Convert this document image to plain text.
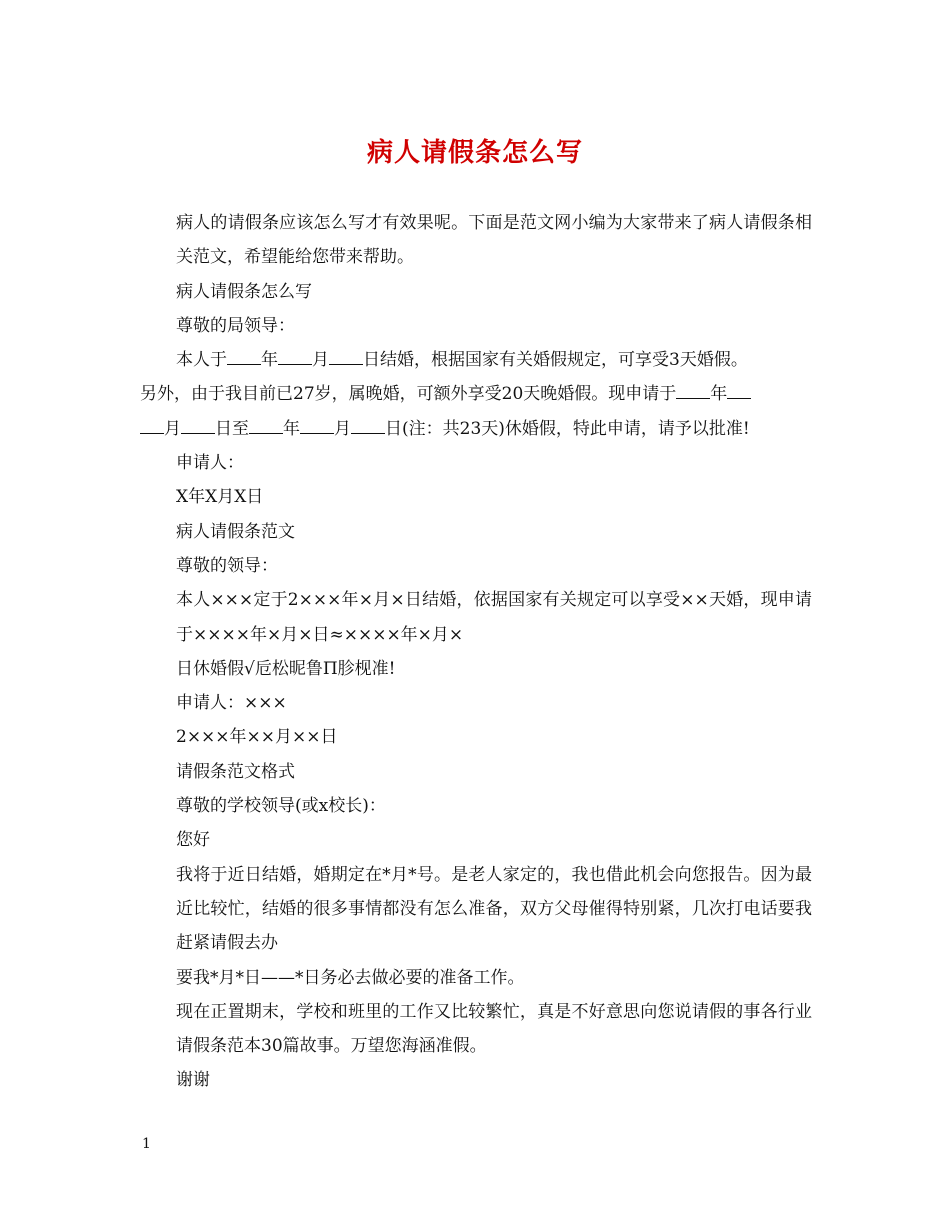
病人请假条怎么写

病人的请假条应该怎么写才有效果呢。下面是范文网小编为大家带来了病人请假条相关范文，希望能给您带来帮助。

病人请假条怎么写

尊敬的局领导：

本人于 年 月 日结婚，根据国家有关婚假规定，可享受3天婚假。

另外，由于我目前已27岁，属晚婚，可额外享受20天晚婚假。现申请于 年

月 日至 年 月 日(注：共23天)休婚假，特此申请，请予以批准!

申请人：

X年X月X日

病人请假条范文

尊敬的领导：

本人×××定于2×××年×月×日结婚，依据国家有关规定可以享受××天婚，现申请于××××年×月×日≈××××年×月×

日休婚假√卮松昵鲁Π胗枧准!

申请人：×××

2×××年××月××日

请假条范文格式

尊敬的学校领导(或x校长)：

您好

我将于近日结婚，婚期定在*月*号。是老人家定的，我也借此机会向您报告。因为最近比较忙，结婚的很多事情都没有怎么准备，双方父母催得特别紧，几次打电话要我赶紧请假去办

要我*月*日——*日务必去做必要的准备工作。

现在正置期末，学校和班里的工作又比较繁忙，真是不好意思向您说请假的事各行业请假条范本30篇故事。万望您海涵准假。

谢谢

1
